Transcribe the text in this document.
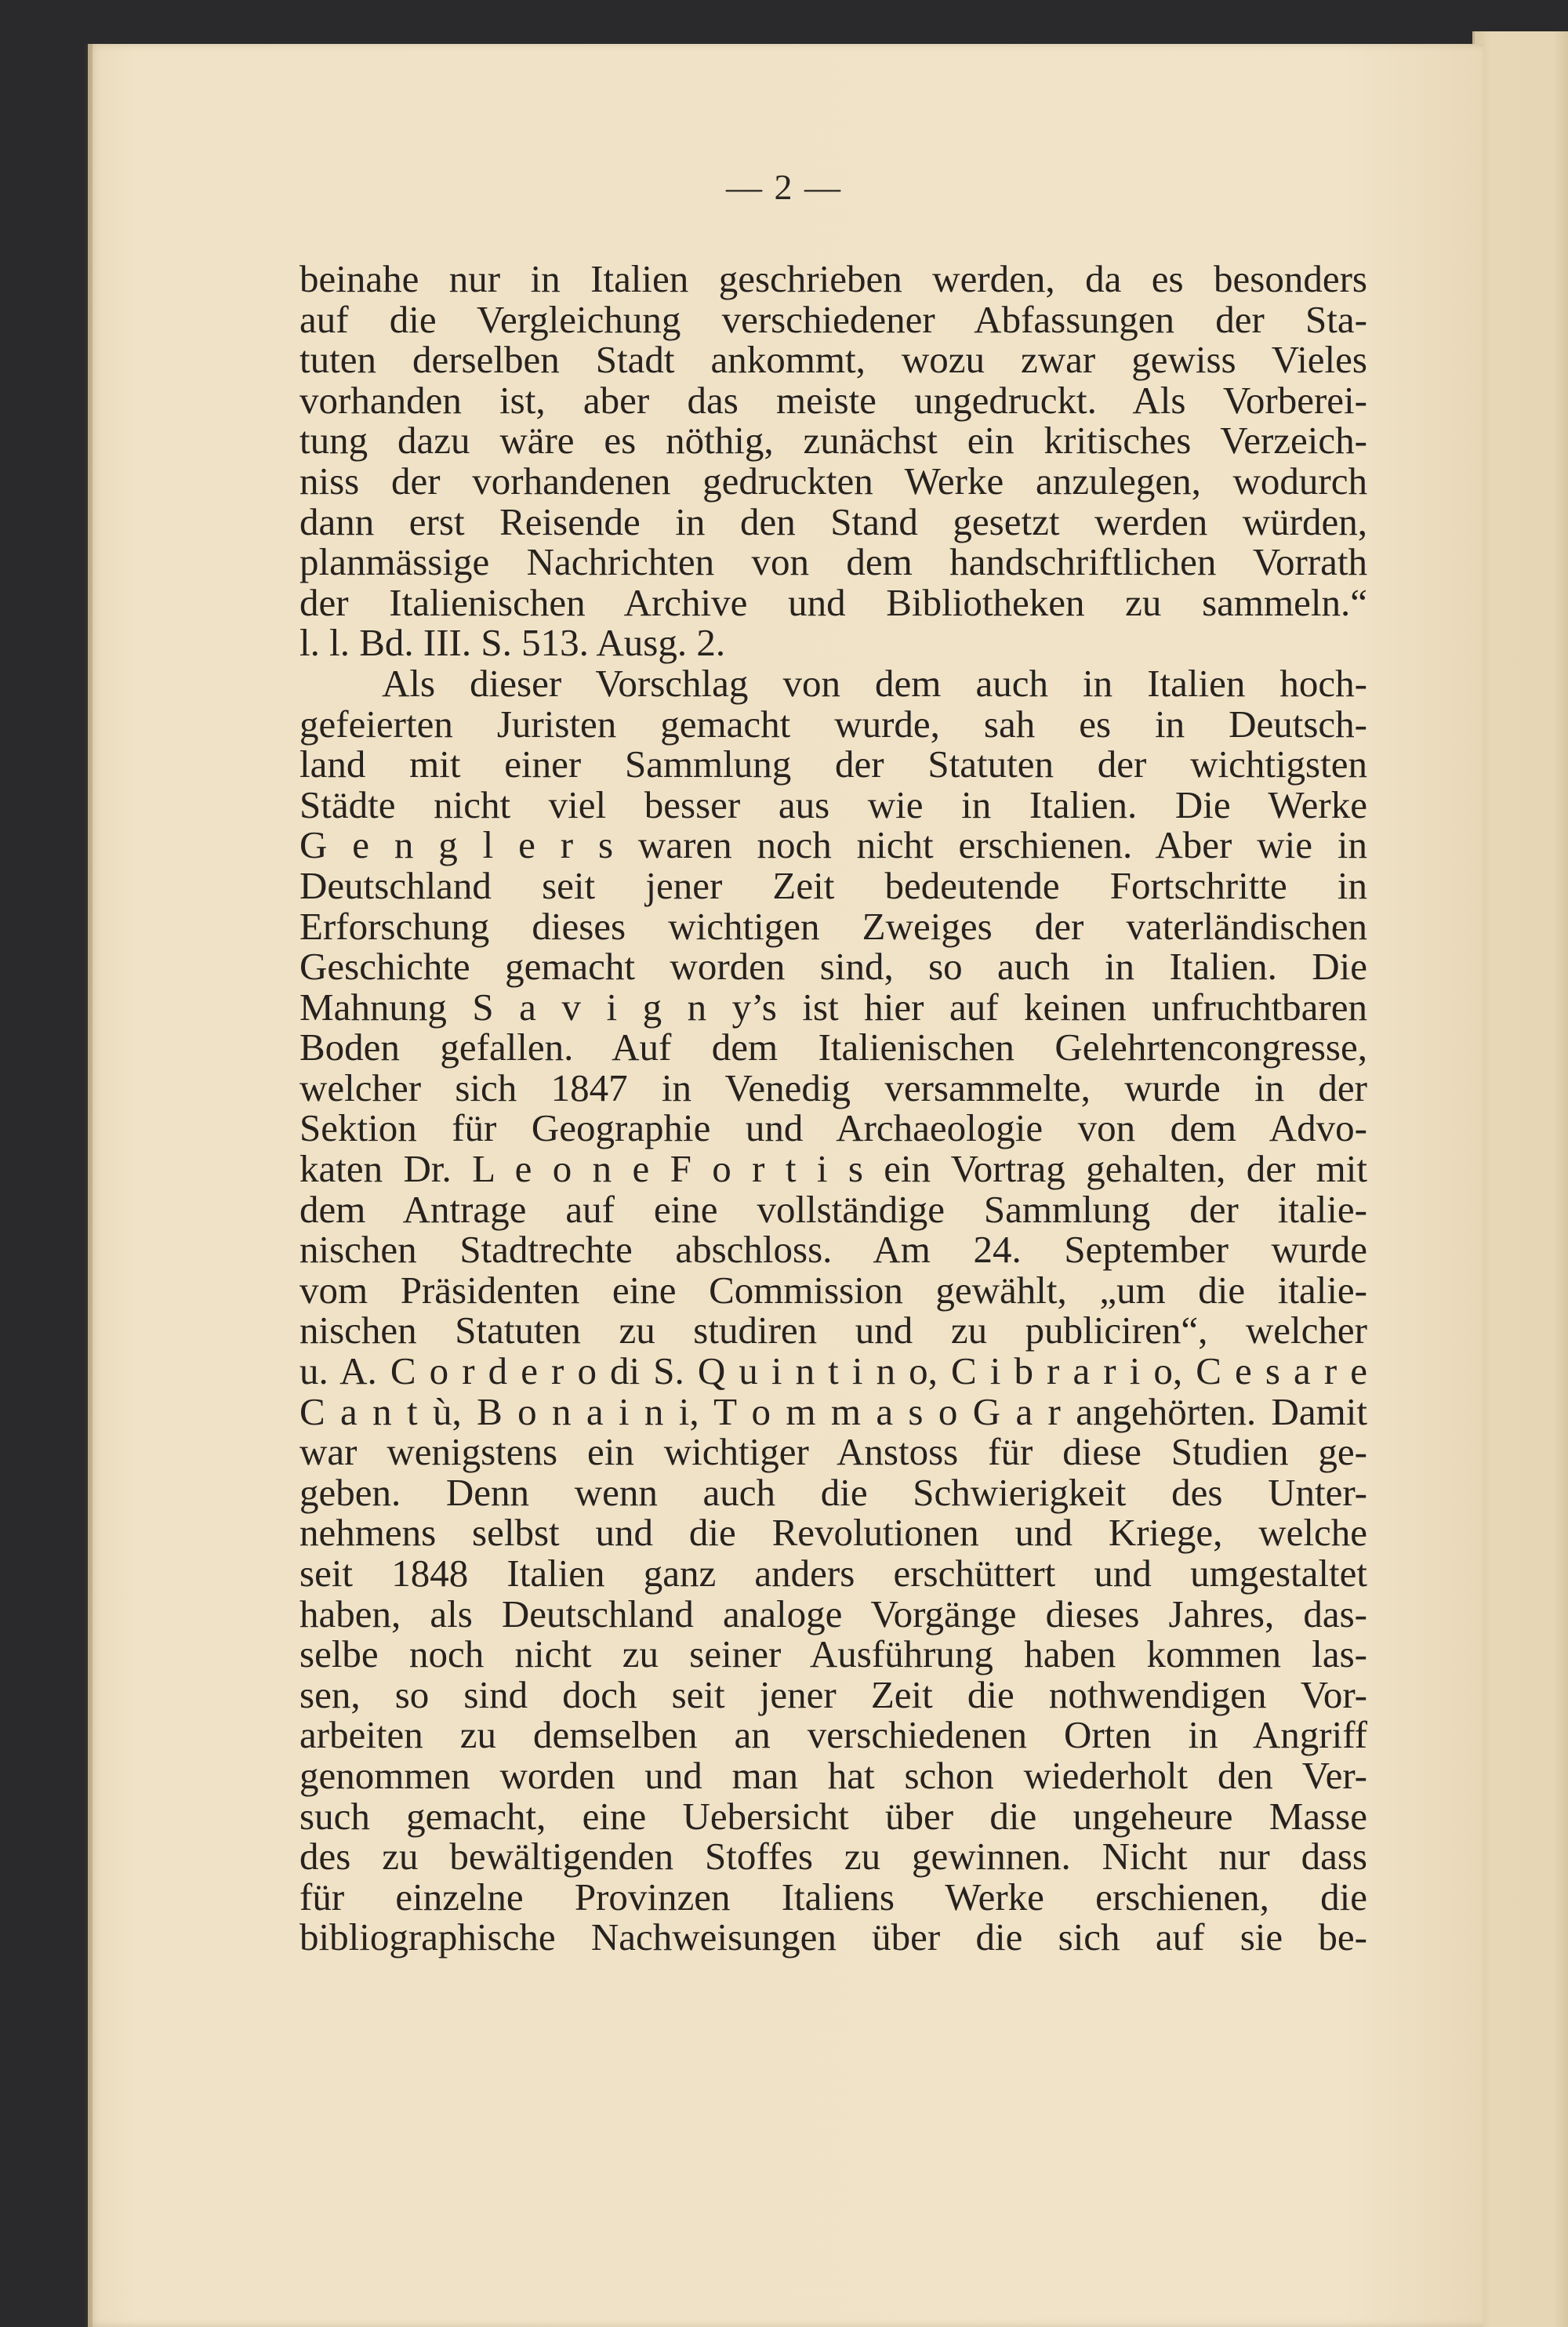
— 2 —
beinahe nur in Italien geschrieben werden, da es besonders
auf die Vergleichung verschiedener Abfassungen der Sta-
tuten derselben Stadt ankommt, wozu zwar gewiss Vieles
vorhanden ist, aber das meiste ungedruckt. Als Vorberei-
tung dazu wäre es nöthig, zunächst ein kritisches Verzeich-
niss der vorhandenen gedruckten Werke anzulegen, wodurch
dann erst Reisende in den Stand gesetzt werden würden,
planmässige Nachrichten von dem handschriftlichen Vorrath
der Italienischen Archive und Bibliotheken zu sammeln.“
l. l. Bd. III. S. 513. Ausg. 2.
Als dieser Vorschlag von dem auch in Italien hoch-
gefeierten Juristen gemacht wurde, sah es in Deutsch-
land mit einer Sammlung der Statuten der wichtigsten
Städte nicht viel besser aus wie in Italien. Die Werke
G e n g l e r s waren noch nicht erschienen. Aber wie in
Deutschland seit jener Zeit bedeutende Fortschritte in
Erforschung dieses wichtigen Zweiges der vaterländischen
Geschichte gemacht worden sind, so auch in Italien. Die
Mahnung S a v i g n y’s ist hier auf keinen unfruchtbaren
Boden gefallen. Auf dem Italienischen Gelehrtencongresse,
welcher sich 1847 in Venedig versammelte, wurde in der
Sektion für Geographie und Archaeologie von dem Advo-
katen Dr. L e o n e F o r t i s ein Vortrag gehalten, der mit
dem Antrage auf eine vollständige Sammlung der italie-
nischen Stadtrechte abschloss. Am 24. September wurde
vom Präsidenten eine Commission gewählt, „um die italie-
nischen Statuten zu studiren und zu publiciren“, welcher
u. A. C o r d e r o di S. Q u i n t i n o, C i b r a r i o, C e s a r e
C a n t ù, B o n a i n i, T o m m a s o G a r angehörten. Damit
war wenigstens ein wichtiger Anstoss für diese Studien ge-
geben. Denn wenn auch die Schwierigkeit des Unter-
nehmens selbst und die Revolutionen und Kriege, welche
seit 1848 Italien ganz anders erschüttert und umgestaltet
haben, als Deutschland analoge Vorgänge dieses Jahres, das-
selbe noch nicht zu seiner Ausführung haben kommen las-
sen, so sind doch seit jener Zeit die nothwendigen Vor-
arbeiten zu demselben an verschiedenen Orten in Angriff
genommen worden und man hat schon wiederholt den Ver-
such gemacht, eine Uebersicht über die ungeheure Masse
des zu bewältigenden Stoffes zu gewinnen. Nicht nur dass
für einzelne Provinzen Italiens Werke erschienen, die
bibliographische Nachweisungen über die sich auf sie be-
